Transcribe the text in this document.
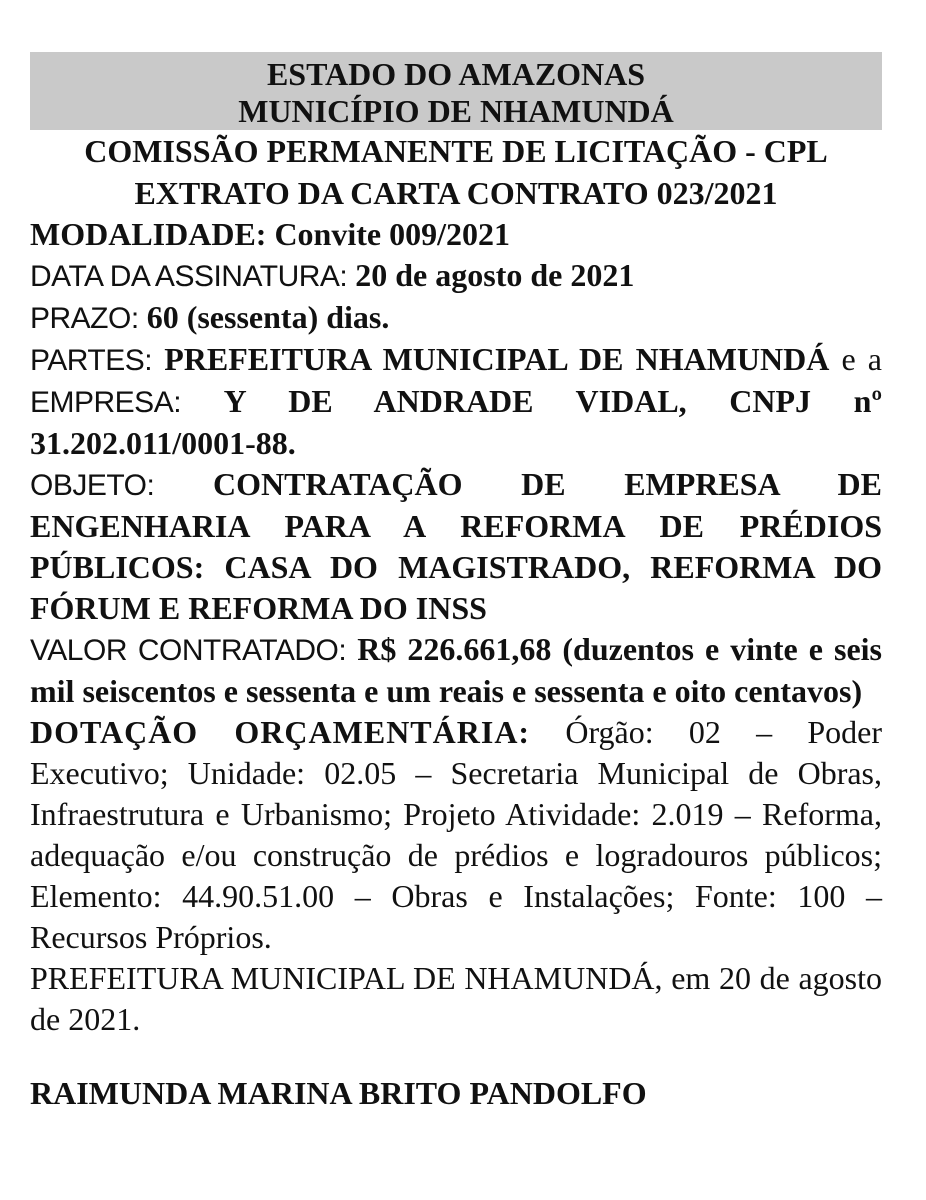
ESTADO DO AMAZONAS
MUNICÍPIO DE NHAMUNDÁ
COMISSÃO PERMANENTE DE LICITAÇÃO - CPL
EXTRATO DA CARTA CONTRATO 023/2021
MODALIDADE: Convite 009/2021
DATA DA ASSINATURA: 20 de agosto de 2021
PRAZO: 60 (sessenta) dias.
PARTES: PREFEITURA MUNICIPAL DE NHAMUNDÁ e a EMPRESA: Y DE ANDRADE VIDAL, CNPJ nº 31.202.011/0001-88.
OBJETO: CONTRATAÇÃO DE EMPRESA DE ENGENHARIA PARA A REFORMA DE PRÉDIOS PÚBLICOS: CASA DO MAGISTRADO, REFORMA DO FÓRUM E REFORMA DO INSS
VALOR CONTRATADO: R$ 226.661,68 (duzentos e vinte e seis mil seiscentos e sessenta e um reais e sessenta e oito centavos)
DOTAÇÃO ORÇAMENTÁRIA: Órgão: 02 – Poder Executivo; Unidade: 02.05 – Secretaria Municipal de Obras, Infraestrutura e Urbanismo; Projeto Atividade: 2.019 – Reforma, adequação e/ou construção de prédios e logradouros públicos; Elemento: 44.90.51.00 – Obras e Instalações; Fonte: 100 – Recursos Próprios.
PREFEITURA MUNICIPAL DE NHAMUNDÁ, em 20 de agosto de 2021.
RAIMUNDA MARINA BRITO PANDOLFO
